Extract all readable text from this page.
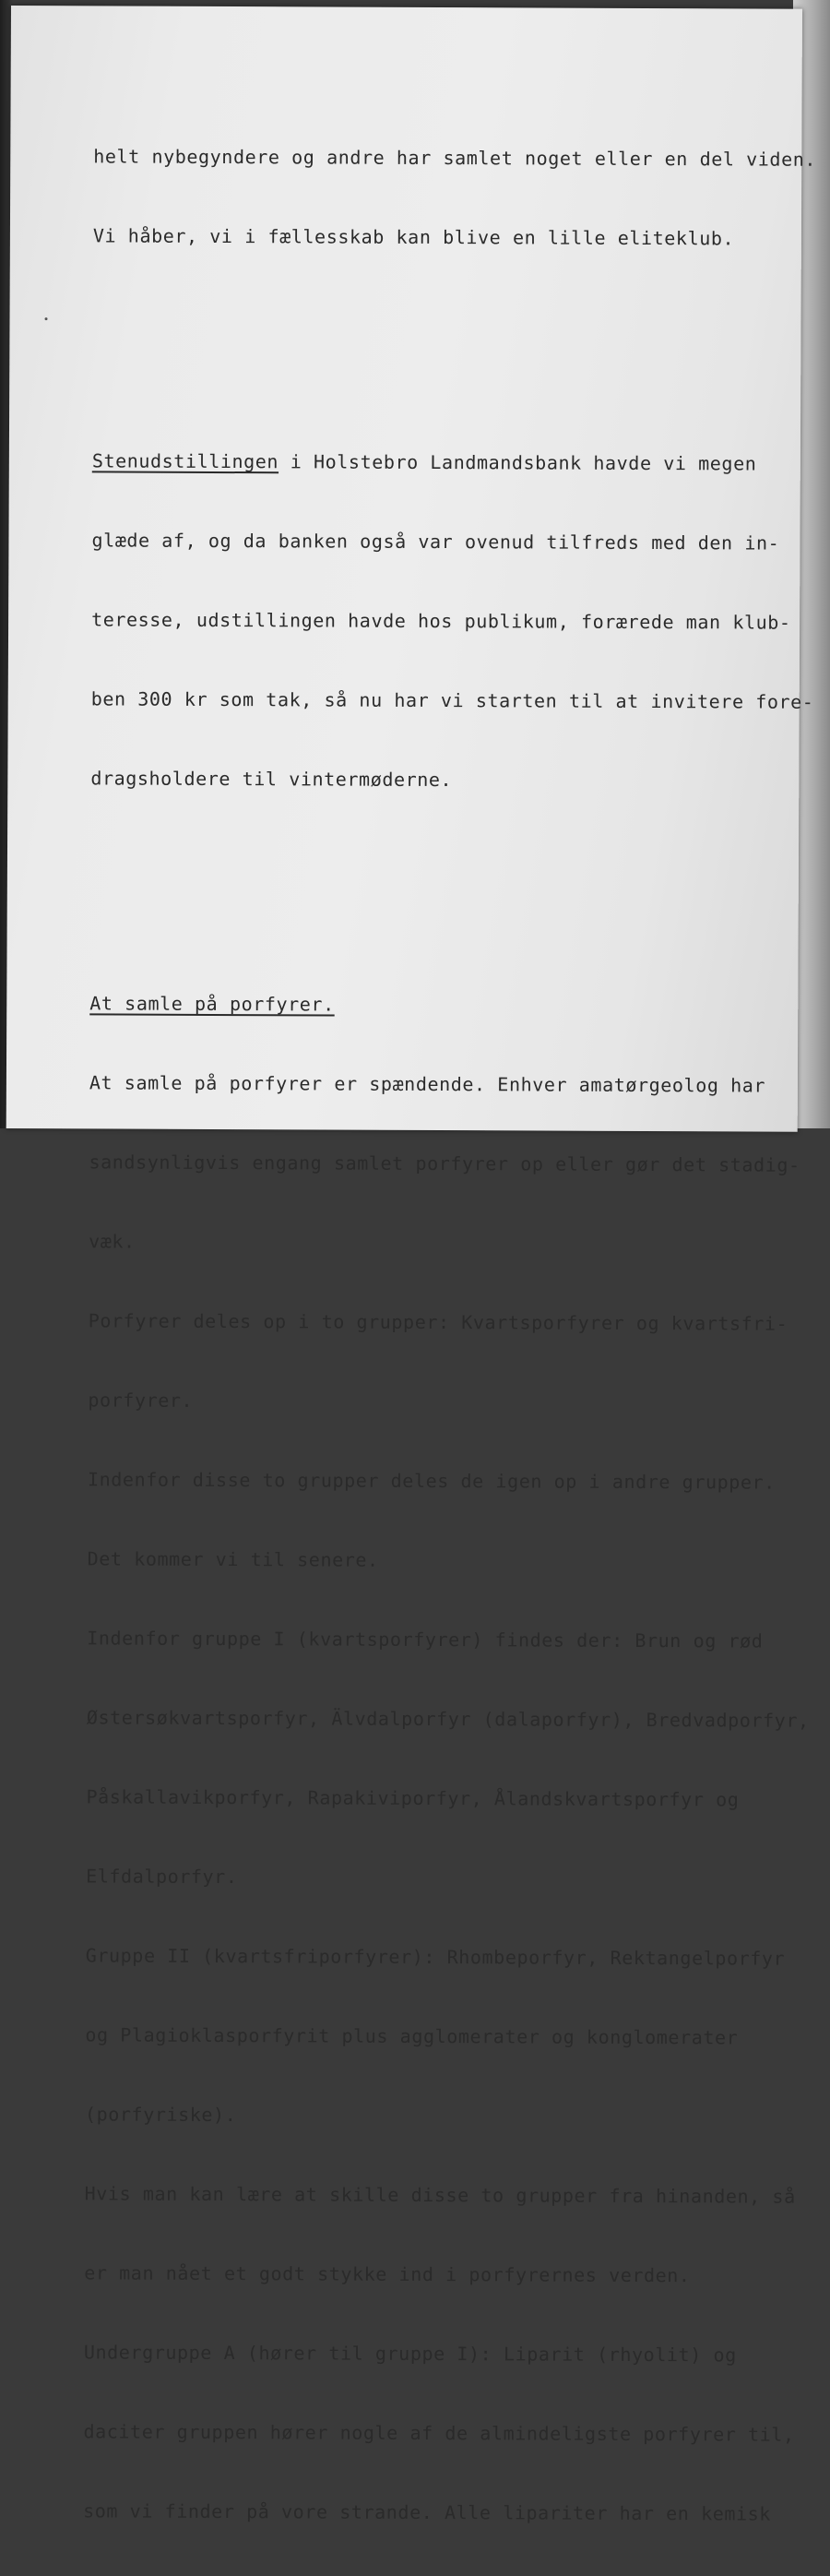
helt nybegyndere og andre har samlet noget eller en del viden.

Vi håber, vi i fællesskab kan blive en lille eliteklub.

Stenudstillingen i Holstebro Landmandsbank havde vi megen

glæde af, og da banken også var ovenud tilfreds med den in-

teresse, udstillingen havde hos publikum, forærede man klub-

ben 300 kr som tak, så nu har vi starten til at invitere fore-

dragsholdere til vintermøderne.

At samle på porfyrer.

At samle på porfyrer er spændende. Enhver amatørgeolog har

sandsynligvis engang samlet porfyrer op eller gør det stadig-

væk.

Porfyrer deles op i to grupper: Kvartsporfyrer og kvartsfri-

porfyrer.

Indenfor disse to grupper deles de igen op i andre grupper.

Det kommer vi til senere.

Indenfor gruppe I (kvartsporfyrer) findes der: Brun og rød

Østersøkvartsporfyr, Älvdalporfyr (dalaporfyr), Bredvadporfyr,

Påskallavikporfyr, Rapakiviporfyr, Ålandskvartsporfyr og

Elfdalporfyr.

Gruppe II (kvartsfriporfyrer): Rhombeporfyr, Rektangelporfyr

og Plagioklasporfyrit plus agglomerater og konglomerater

(porfyriske).

Hvis man kan lære at skille disse to grupper fra hinanden, så

er man nået et godt stykke ind i porfyrernes verden.

Undergruppe A (hører til gruppe I): Liparit (rhyolit) og

daciter gruppen hører nogle af de almindeligste porfyrer til,

som vi finder på vore strande. Alle lipariter har en kemisk
